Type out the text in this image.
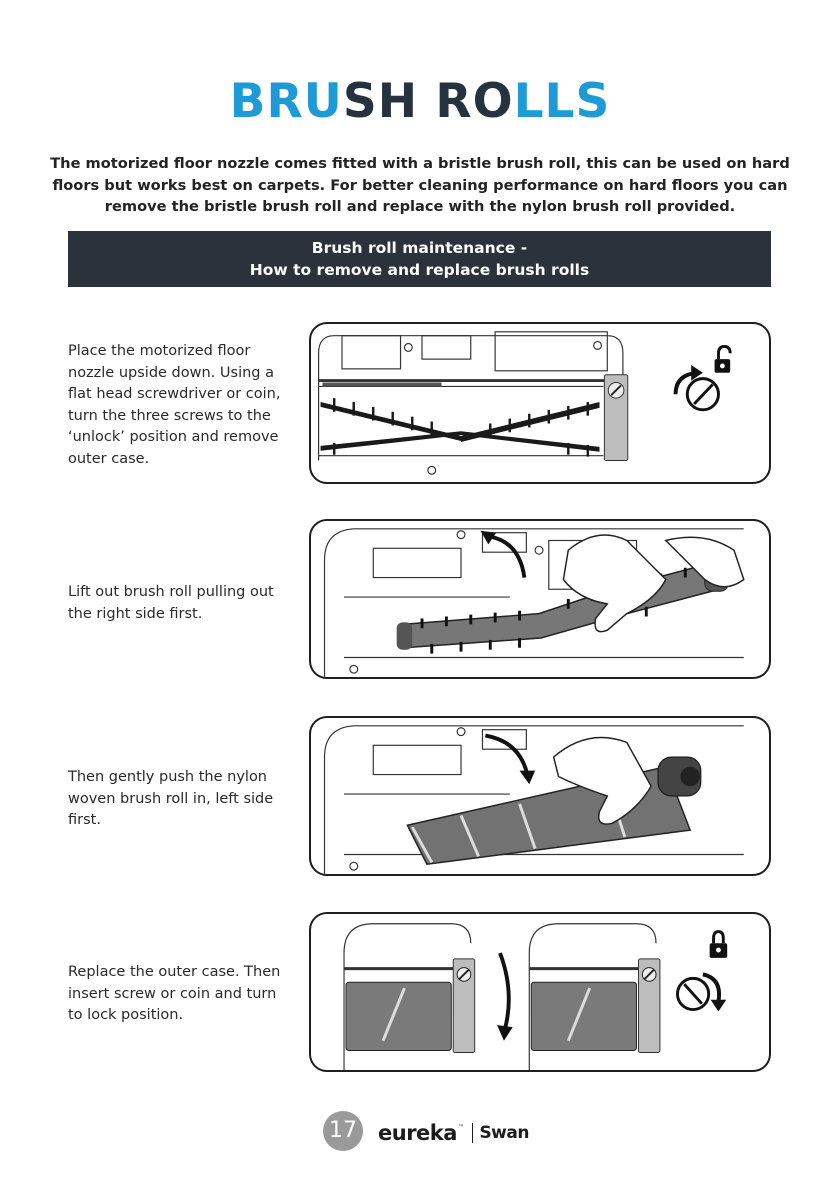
BRUSH ROLLS

The motorized floor nozzle comes fitted with a bristle brush roll, this can be used on hard floors but works best on carpets. For better cleaning performance on hard floors you can remove the bristle brush roll and replace with the nylon brush roll provided.

Brush roll maintenance -
How to remove and replace brush rolls

Place the motorized floor nozzle upside down. Using a flat head screwdriver or coin, turn the three screws to the ‘unlock’ position and remove outer case.

Lift out brush roll pulling out the right side first.

Then gently push the nylon woven brush roll in, left side first.

Replace the outer case. Then insert screw or coin and turn to lock position.

17 eureka ™ Swan
